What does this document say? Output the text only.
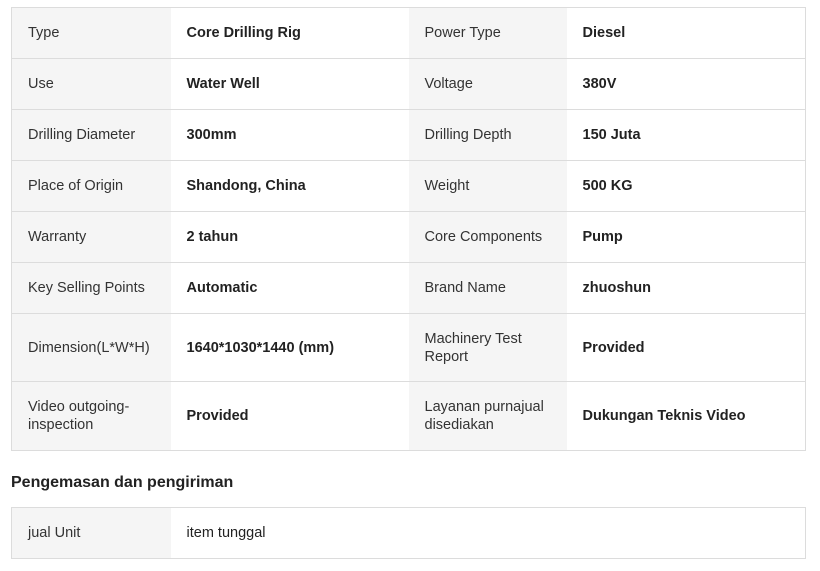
Type	Core Drilling Rig	Power Type	Diesel
Use	Water Well	Voltage	380V
Drilling Diameter	300mm	Drilling Depth	150 Juta
Place of Origin	Shandong, China	Weight	500 KG
Warranty	2 tahun	Core Components	Pump
Key Selling Points	Automatic	Brand Name	zhuoshun
Dimension(L*W*H)	1640*1030*1440 (mm)	Machinery Test Report	Provided
Video outgoing-inspection	Provided	Layanan purnajual disediakan	Dukungan Teknis Video
Pengemasan dan pengiriman
jual Unit	item tunggal
